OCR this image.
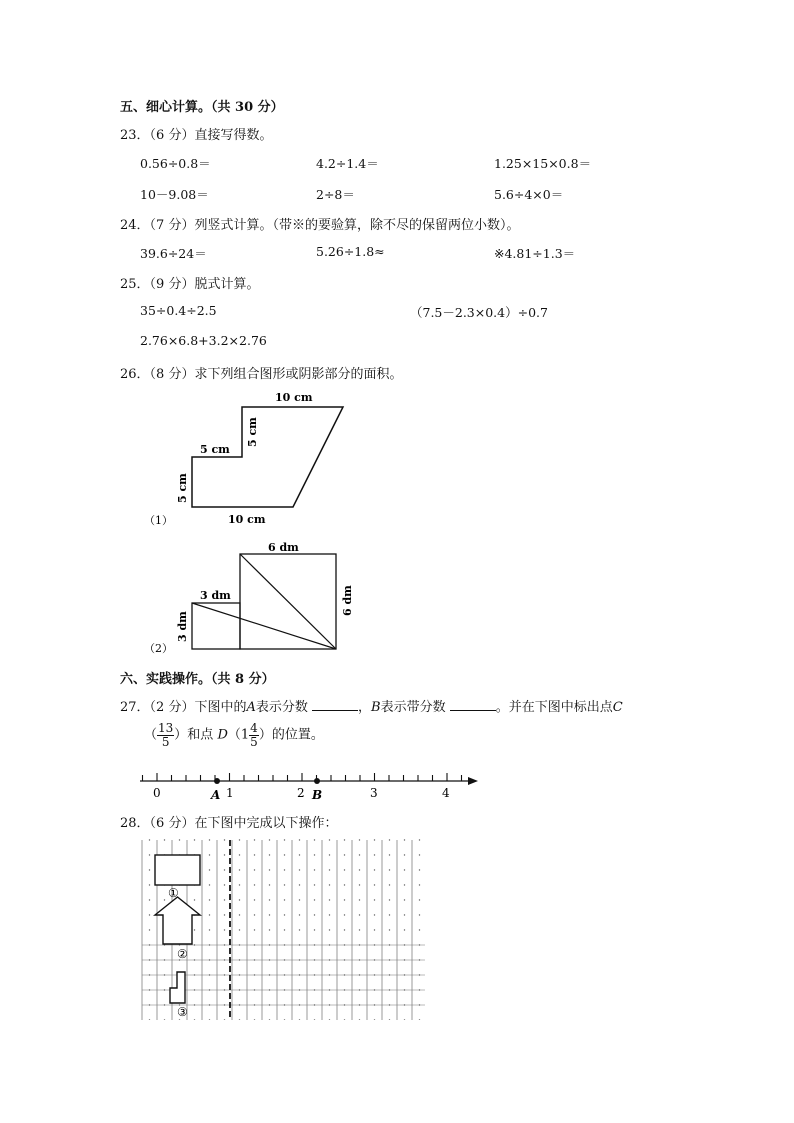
五、细心计算。（共 30 分）
23．（6 分）直接写得数。
0.56÷0.8＝	4.2÷1.4＝	1.25×15×0.8＝
10－9.08＝	2÷8＝	5.6÷4×0＝
24．（7 分）列竖式计算。（带※的要验算，除不尽的保留两位小数）。
39.6÷24＝	5.26÷1.8≈	※4.81÷1.3＝
25．（9 分）脱式计算。
35÷0.4÷2.5	（7.5－2.3×0.4）÷0.7
2.76×6.8+3.2×2.76
26．（8 分）求下列组合图形或阴影部分的面积。
10 cm
5 cm
5 cm
5 cm
10 cm
（1）
6 dm
6 dm
3 dm
3 dm
（2）
六、实践操作。（共 8 分）
27．（2 分）下图中的A表示分数	，B表示带分数	。并在下图中标出点C
（ $\frac{13}{5}$ ）和点 $D(1 \frac{4}{5}$ ）的位置。
0	1	2	3	4
A	B
28．（6 分）在下图中完成以下操作：
①
②
③
